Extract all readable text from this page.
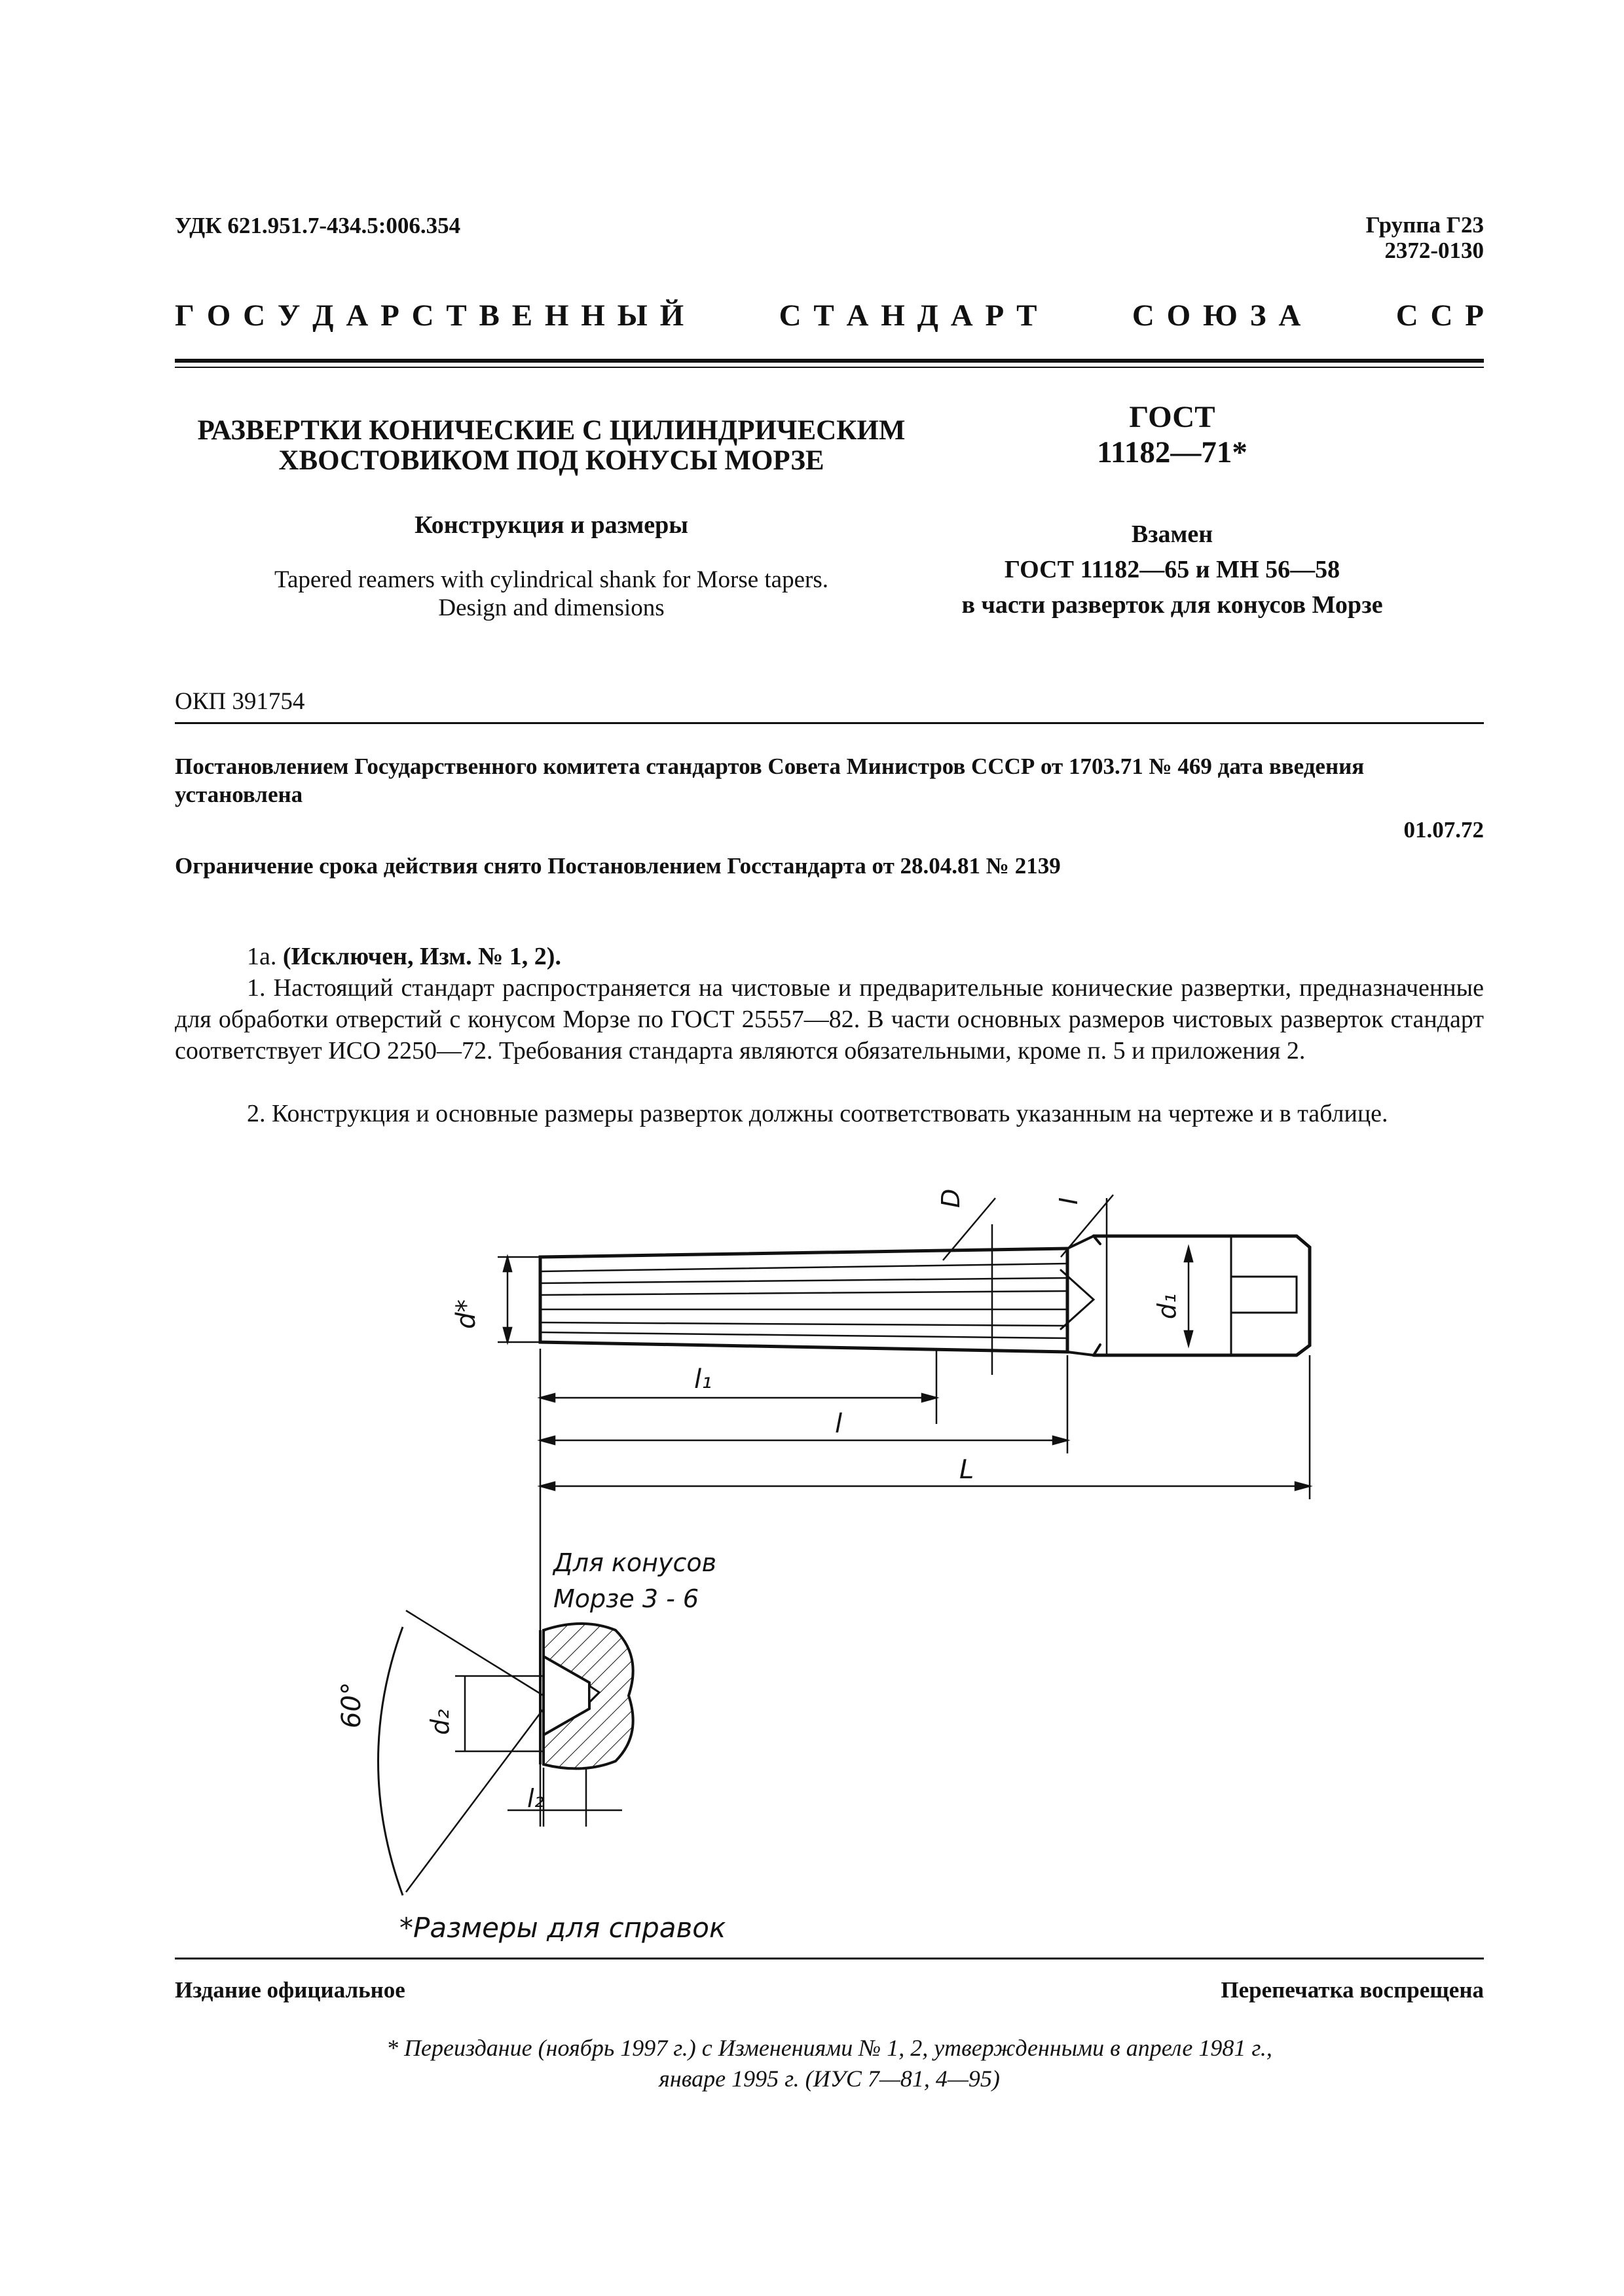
УДК 621.951.7-434.5:006.354	Группа Г23
2372-0130
Г  О  С  У  Д  А  Р  С  Т  В  Е  Н  Н  Ы  Й	С  Т  А  Н  Д  А  Р  Т	С  О  Ю  З  А	С  С  Р
РАЗВЕРТКИ КОНИЧЕСКИЕ С ЦИЛИНДРИЧЕСКИМ
ХВОСТОВИКОМ ПОД КОНУСЫ МОРЗЕ
Конструкция и размеры
Tapered reamers with cylindrical shank for Morse tapers.
Design and dimensions
ГОСТ
11182—71*
Взамен
ГОСТ 11182—65 и МН 56—58
в части разверток для конусов Морзе
ОКП 391754
Постановлением Государственного комитета стандартов Совета Министров СССР от 1703.71 № 469 дата введения установлена
01.07.72
Ограничение срока действия снято Постановлением Госстандарта от 28.04.81 № 2139
1а. (Исключен, Изм. № 1, 2).
1. Настоящий стандарт распространяется на чистовые и предварительные конические развертки, предназначенные для обработки отверстий с конусом Морзе по ГОСТ 25557—82. В части основных размеров чистовых разверток стандарт соответствует ИСО 2250—72. Требования стандарта являются обязательными, кроме п. 5 и приложения 2.
2. Конструкция и основные размеры разверток должны соответствовать указанным на чертеже и в таблице.
D	I
d*	d₁
l₁
l
L
Для конусов
Морзе 3 - 6
60° d₂
l₂
*Размеры для справок
Издание официальное	Перепечатка воспрещена
* Переиздание (ноябрь 1997 г.) с Изменениями № 1, 2, утвержденными в апреле 1981 г.,
январе 1995 г. (ИУС 7—81, 4—95)
